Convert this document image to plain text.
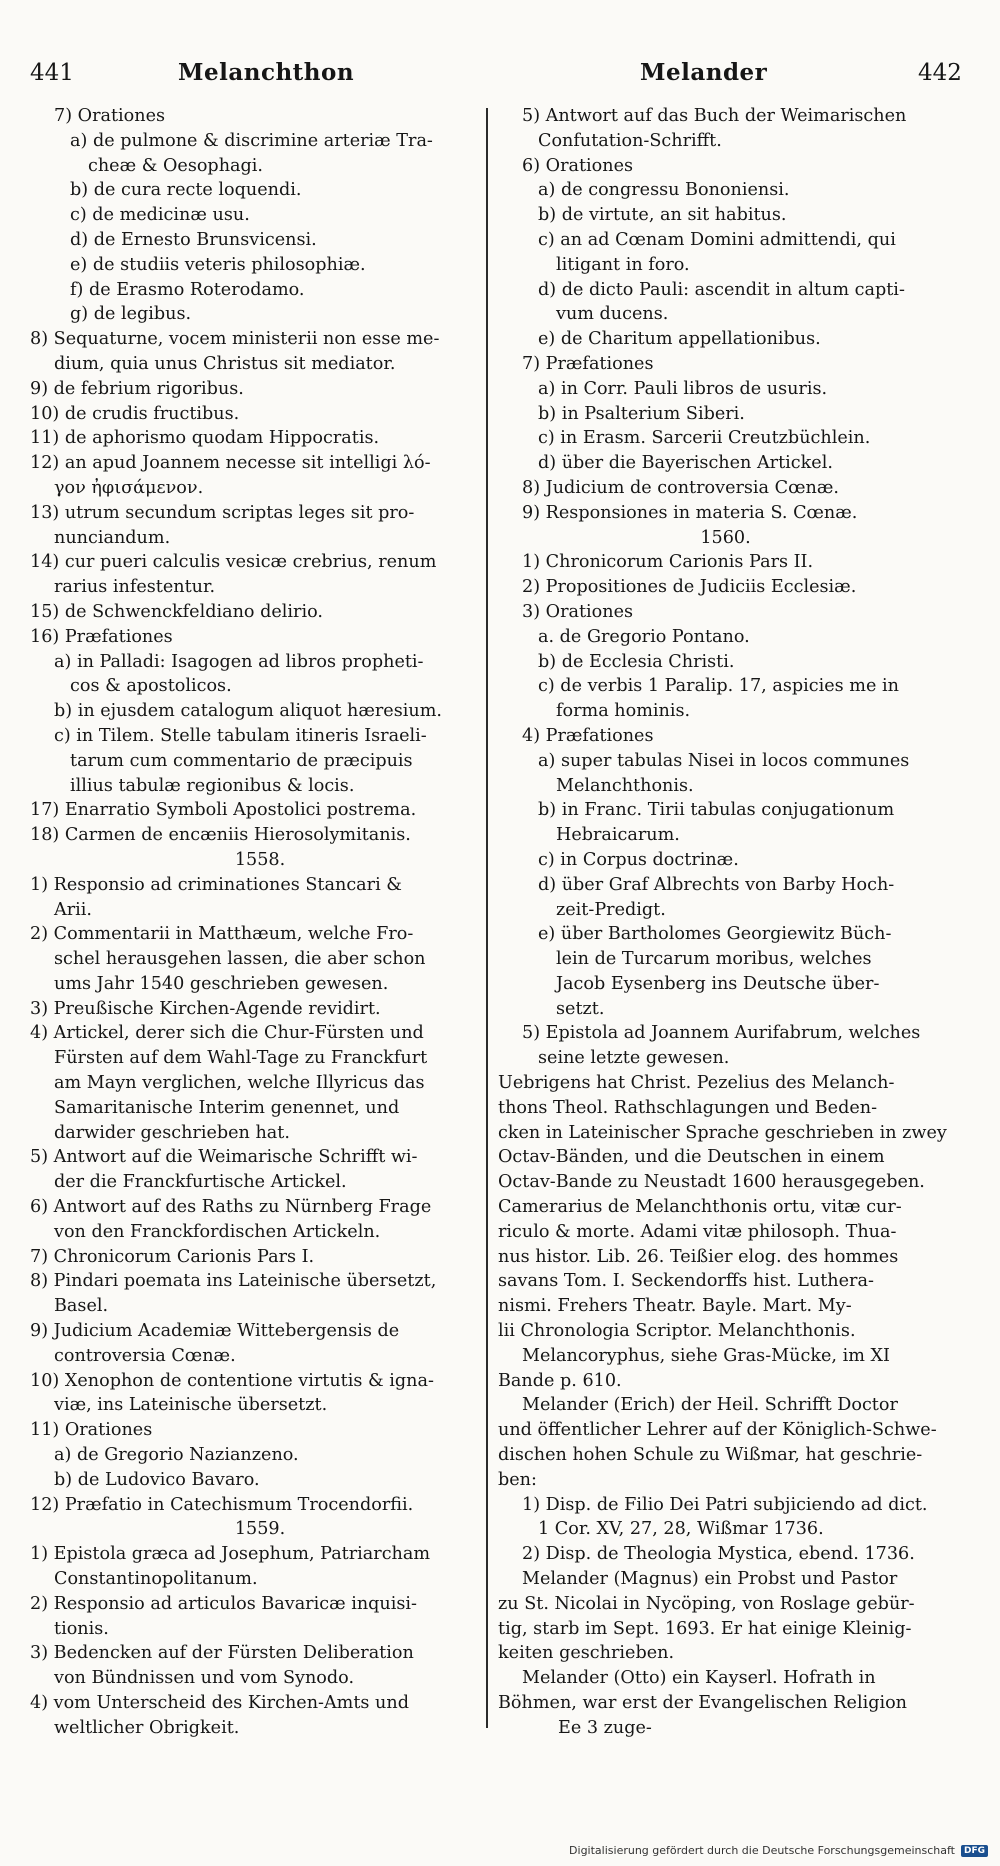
441	Melanchthon	Melander	442
7) Orationes
a) de pulmone & discrimine arteriæ Tra-
cheæ & Oesophagi.
b) de cura recte loquendi.
c) de medicinæ usu.
d) de Ernesto Brunsvicensi.
e) de studiis veteris philosophiæ.
f) de Erasmo Roterodamo.
g) de legibus.
8) Sequaturne, vocem ministerii non esse me-
dium, quia unus Christus sit mediator.
9) de febrium rigoribus.
10) de crudis fructibus.
11) de aphorismo quodam Hippocratis.
12) an apud Joannem necesse sit intelligi λό-
γον ἠφισάμενον.
13) utrum secundum scriptas leges sit pro-
nunciandum.
14) cur pueri calculis vesicæ crebrius, renum
rarius infestentur.
15) de Schwenckfeldiano delirio.
16) Præfationes
a) in Palladi: Isagogen ad libros propheti-
cos & apostolicos.
b) in ejusdem catalogum aliquot hæresium.
c) in Tilem. Stelle tabulam itineris Israeli-
tarum cum commentario de præcipuis
illius tabulæ regionibus & locis.
17) Enarratio Symboli Apostolici postrema.
18) Carmen de encæniis Hierosolymitanis.
1558.
1) Responsio ad criminationes Stancari &
Arii.
2) Commentarii in Matthæum, welche Fro-
schel herausgehen lassen, die aber schon
ums Jahr 1540 geschrieben gewesen.
3) Preußische Kirchen-Agende revidirt.
4) Artickel, derer sich die Chur-Fürsten und
Fürsten auf dem Wahl-Tage zu Franckfurt
am Mayn verglichen, welche Illyricus das
Samaritanische Interim genennet, und
darwider geschrieben hat.
5) Antwort auf die Weimarische Schrifft wi-
der die Franckfurtische Artickel.
6) Antwort auf des Raths zu Nürnberg Frage
von den Franckfordischen Artickeln.
7) Chronicorum Carionis Pars I.
8) Pindari poemata ins Lateinische übersetzt,
Basel.
9) Judicium Academiæ Wittebergensis de
controversia Cœnæ.
10) Xenophon de contentione virtutis & igna-
viæ, ins Lateinische übersetzt.
11) Orationes
a) de Gregorio Nazianzeno.
b) de Ludovico Bavaro.
12) Præfatio in Catechismum Trocendorfii.
1559.
1) Epistola græca ad Josephum, Patriarcham
Constantinopolitanum.
2) Responsio ad articulos Bavaricæ inquisi-
tionis.
3) Bedencken auf der Fürsten Deliberation
von Bündnissen und vom Synodo.
4) vom Unterscheid des Kirchen-Amts und
weltlicher Obrigkeit.
5) Antwort auf das Buch der Weimarischen
Confutation-Schrifft.
6) Orationes
a) de congressu Bononiensi.
b) de virtute, an sit habitus.
c) an ad Cœnam Domini admittendi, qui
litigant in foro.
d) de dicto Pauli: ascendit in altum capti-
vum ducens.
e) de Charitum appellationibus.
7) Præfationes
a) in Corr. Pauli libros de usuris.
b) in Psalterium Siberi.
c) in Erasm. Sarcerii Creutzbüchlein.
d) über die Bayerischen Artickel.
8) Judicium de controversia Cœnæ.
9) Responsiones in materia S. Cœnæ.
1560.
1) Chronicorum Carionis Pars II.
2) Propositiones de Judiciis Ecclesiæ.
3) Orationes
a. de Gregorio Pontano.
b) de Ecclesia Christi.
c) de verbis 1 Paralip. 17, aspicies me in
forma hominis.
4) Præfationes
a) super tabulas Nisei in locos communes
Melanchthonis.
b) in Franc. Tirii tabulas conjugationum
Hebraicarum.
c) in Corpus doctrinæ.
d) über Graf Albrechts von Barby Hoch-
zeit-Predigt.
e) über Bartholomes Georgiewitz Büch-
lein de Turcarum moribus, welches
Jacob Eysenberg ins Deutsche über-
setzt.
5) Epistola ad Joannem Aurifabrum, welches
seine letzte gewesen.
Uebrigens hat Christ. Pezelius des Melanch-
thons Theol. Rathschlagungen und Beden-
cken in Lateinischer Sprache geschrieben in zwey
Octav-Bänden, und die Deutschen in einem
Octav-Bande zu Neustadt 1600 herausgegeben.
Camerarius de Melanchthonis ortu, vitæ cur-
riculo & morte. Adami vitæ philosoph. Thua-
nus histor. Lib. 26. Teißier elog. des hommes
savans Tom. I. Seckendorffs hist. Luthera-
nismi. Frehers Theatr. Bayle. Mart. My-
lii Chronologia Scriptor. Melanchthonis.
Melancoryphus, siehe Gras-Mücke, im XI
Bande p. 610.
Melander (Erich) der Heil. Schrifft Doctor
und öffentlicher Lehrer auf der Königlich-Schwe-
dischen hohen Schule zu Wißmar, hat geschrie-
ben:
1) Disp. de Filio Dei Patri subjiciendo ad dict.
1 Cor. XV, 27, 28, Wißmar 1736.
2) Disp. de Theologia Mystica, ebend. 1736.
Melander (Magnus) ein Probst und Pastor
zu St. Nicolai in Nycöping, von Roslage gebür-
tig, starb im Sept. 1693. Er hat einige Kleinig-
keiten geschrieben.
Melander (Otto) ein Kayserl. Hofrath in
Böhmen, war erst der Evangelischen Religion
Ee 3 zuge-
Digitalisierung gefördert durch die Deutsche Forschungsgemeinschaft	DFG
